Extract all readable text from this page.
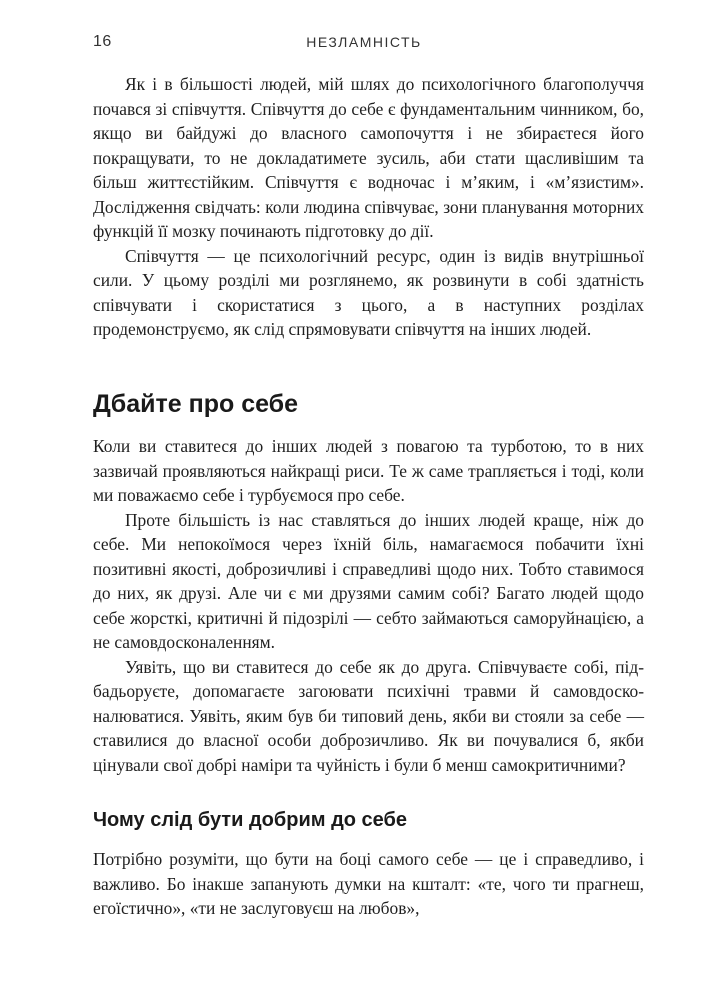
16	НЕЗЛАМНІСТЬ

Як і в більшості людей, мій шлях до психологічного благополуччя почався зі співчуття. Співчуття до себе є фундаментальним чинником, бо, якщо ви байдужі до власного самопочуття і не збираєтеся його покращувати, то не докладатимете зусиль, аби стати щасливішим та більш життєстійким. Співчуття є водночас і м’яким, і «м’язистим». Дослідження свідчать: коли людина співчуває, зони планування моторних функцій її мозку починають підготовку до дії.

Співчуття — це психологічний ресурс, один із видів внутрішньої сили. У цьому розділі ми розглянемо, як розвинути в собі здатність співчувати і скористатися з цього, а в наступних розділах продемонструємо, як слід спрямовувати співчуття на інших людей.

Дбайте про себе

Коли ви ставитеся до інших людей з повагою та турботою, то в них зазвичай проявляються найкращі риси. Те ж саме трапляється і тоді, коли ми поважаємо себе і турбуємося про себе.

Проте більшість із нас ставляться до інших людей краще, ніж до себе. Ми непокоїмося через їхній біль, намагаємося побачити їхні позитивні якості, доброзичливі і справедливі щодо них. Тобто ставимося до них, як друзі. Але чи є ми друзями самим собі? Багато людей щодо себе жорсткі, критичні й підозрілі — себто займаються саморуйнацією, а не самовдосконаленням.

Уявіть, що ви ставитеся до себе як до друга. Співчуваєте собі, підбадьоруєте, допомагаєте загоювати психічні травми й самовдосконалюватися. Уявіть, яким був би типовий день, якби ви стояли за себе — ставилися до власної особи доброзичливо. Як ви почувалися б, якби цінували свої добрі наміри та чуйність і були б менш самокритичними?

Чому слід бути добрим до себе

Потрібно розуміти, що бути на боці самого себе — це і справедливо, і важливо. Бо інакше запанують думки на кшталт: «те, чого ти прагнеш, егоїстично», «ти не заслуговуєш на любов»,
